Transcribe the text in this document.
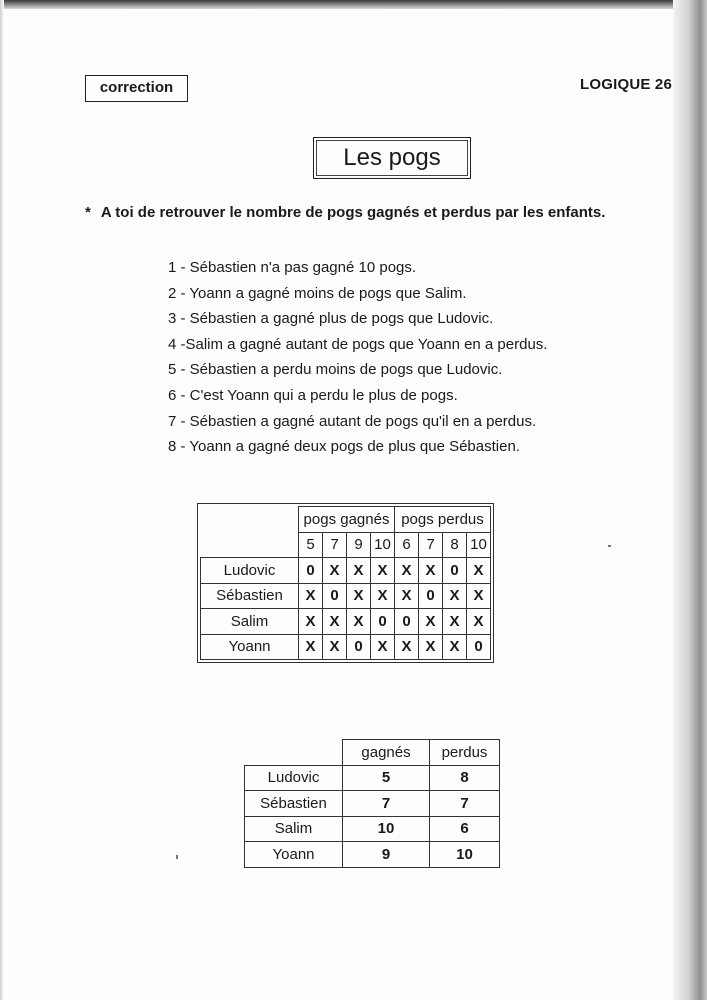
correction	LOGIQUE 26
Les pogs
* A toi de retrouver le nombre de pogs gagnés et perdus par les enfants.
1 - Sébastien n'a pas gagné 10 pogs.
2 - Yoann a gagné moins de pogs que Salim.
3 - Sébastien a gagné plus de pogs que Ludovic.
4 -Salim a gagné autant de pogs que Yoann en a perdus.
5 - Sébastien a perdu moins de pogs que Ludovic.
6 - C'est Yoann qui a perdu le plus de pogs.
7 - Sébastien a gagné autant de pogs qu'il en a perdus.
8 - Yoann a gagné deux pogs de plus que Sébastien.
	pogs gagnés				pogs perdus			
	5	7	9	10	6	7	8	10
Ludovic	0	X	X	X	X	X	0	X
Sébastien	X	0	X	X	X	0	X	X
Salim	X	X	X	0	0	X	X	X
Yoann	X	X	0	X	X	X	X	0
	gagnés	perdus
Ludovic	5	8
Sébastien	7	7
Salim	10	6
Yoann	9	10
